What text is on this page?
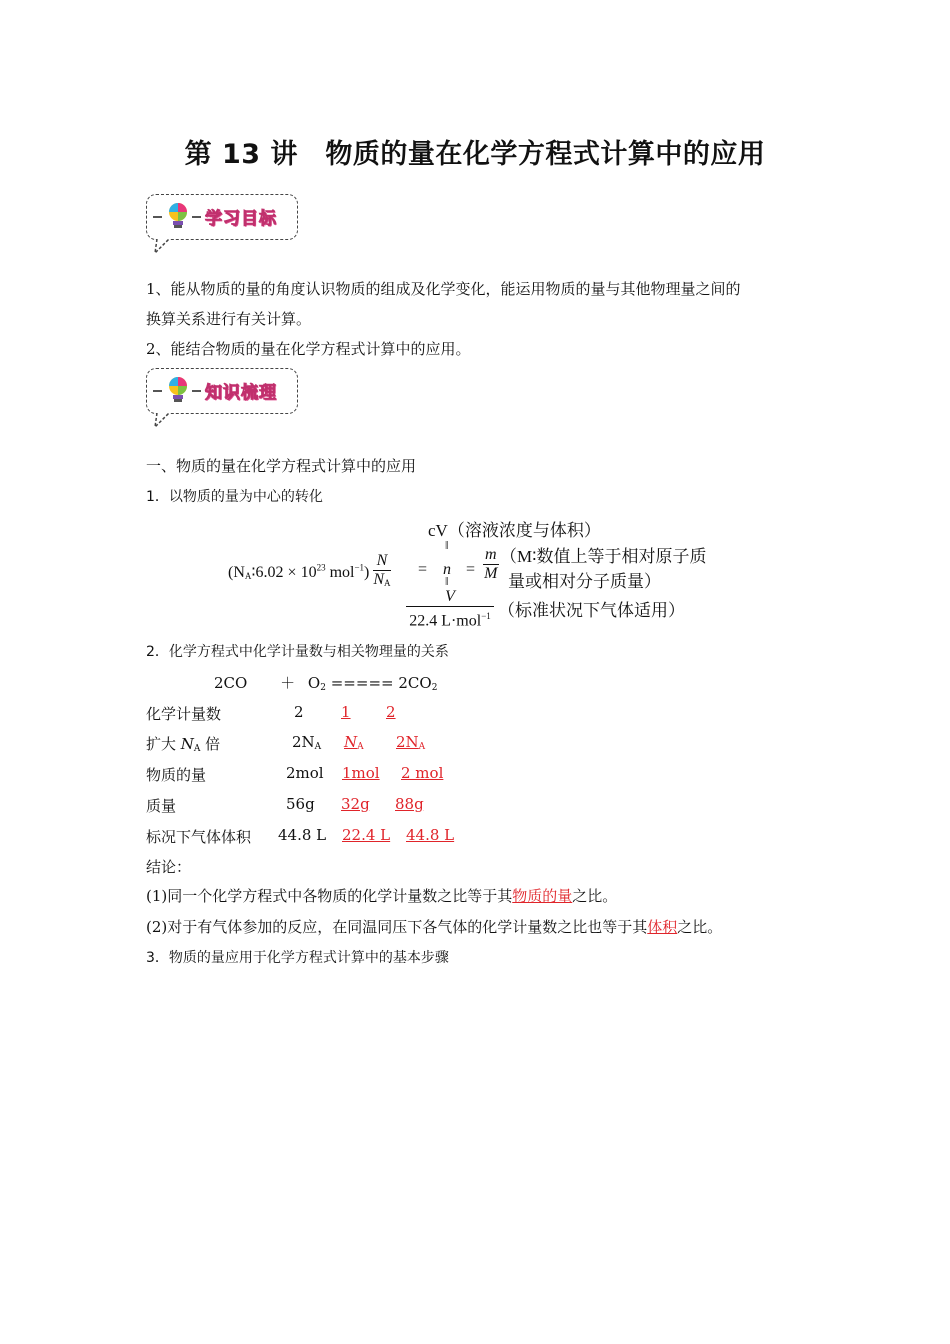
第 13 讲　物质的量在化学方程式计算中的应用
学习目标
1、能从物质的量的角度认识物质的组成及化学变化，能运用物质的量与其他物理量之间的
换算关系进行有关计算。
2、能结合物质的量在化学方程式计算中的应用。
知识梳理
一、物质的量在化学方程式计算中的应用
1．以物质的量为中心的转化
cV（溶液浓度与体积）
ǁ
($N_A∶6.02 \times 10^{23}$ $mol^{-1}) \frac{N}{N_A} = n = \frac{m}{M}$ （M∶数值上等于相对原子质
量或相对分子质量）
ǁ
$\frac{V}{22.4 L\cdot mol^{-1}}$ （标准状况下气体适用）
2．化学方程式中化学计量数与相关物理量的关系
$2CO + O_2$ ===== $2CO_2$
化学计量数	2 1 2
扩大 $N_A$ 倍	$2N_A$ $N_A$ $2N_A$
物质的量	2mol 1mol 2 mol
质量	56g 32g 88g
标况下气体体积 44.8 L 22.4 L 44.8 L
结论：
(1)同一个化学方程式中各物质的化学计量数之比等于其物质的量之比。
(2)对于有气体参加的反应，在同温同压下各气体的化学计量数之比也等于其体积之比。
3．物质的量应用于化学方程式计算中的基本步骤
